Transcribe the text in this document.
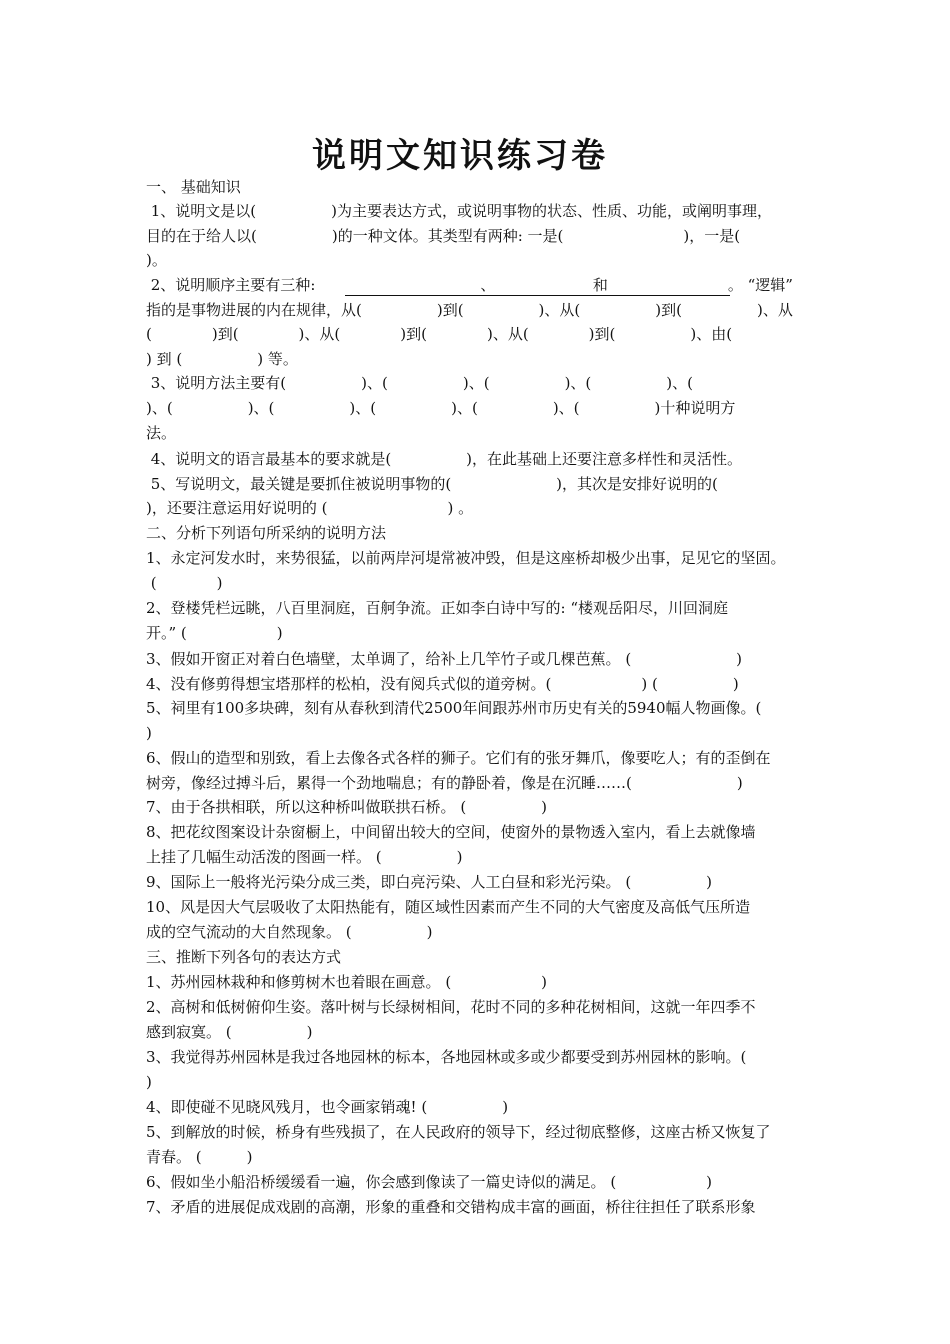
说明文知识练习卷
一、 基础知识
1、说明文是以(　　　　　)为主要表达方式，或说明事物的状态、性质、功能，或阐明事理，
目的在于给人以(　　　　　)的一种文体。其类型有两种: 一是(　　　　　　　　)，一是(
)。
2、说明顺序主要有三种:　　　　　　　　　　　、　　　　　　　和　　　　　　　　。 “逻辑”
指的是事物进展的内在规律，从(　　　　　)到(　　　　　)、从(　　　　　)到(　　　　　)、从
(　　　　)到(　　　　)、从(　　　　)到(　　　　)、从(　　　　)到(　　　　　)、由(
) 到 (　　　　　) 等。
3、说明方法主要有(　　　　　)、(　　　　　)、(　　　　　)、(　　　　　)、(
)、(　　　　　)、(　　　　　)、(　　　　　)、(　　　　　)、(　　　　　)十种说明方
法。
4、说明文的语言最基本的要求就是(　　　　　)，在此基础上还要注意多样性和灵活性。
5、写说明文，最关键是要抓住被说明事物的(　　　　　　　)，其次是安排好说明的(
)，还要注意运用好说明的 (　　　　　　　　) 。
二、分析下列语句所采纳的说明方法
1、永定河发水时，来势很猛，以前两岸河堤常被冲毁，但是这座桥却极少出事，足见它的坚固。
(　　　　)
2、登楼凭栏远眺，八百里洞庭，百舸争流。正如李白诗中写的: “楼观岳阳尽，川回洞庭
开。” (　　　　　　)
3、假如开窗正对着白色墙壁，太单调了，给补上几竿竹子或几棵芭蕉。 (　　　　　　　)
4、没有修剪得想宝塔那样的松柏，没有阅兵式似的道旁树。(　　　　　　) (　　　　　)
5、祠里有100多块碑，刻有从春秋到清代2500年间跟苏州市历史有关的5940幅人物画像。(
)
6、假山的造型和别致，看上去像各式各样的狮子。它们有的张牙舞爪，像要吃人；有的歪倒在
树旁，像经过搏斗后，累得一个劲地喘息；有的静卧着，像是在沉睡……(　　　　　　　)
7、由于各拱相联，所以这种桥叫做联拱石桥。 (　　　　　)
8、把花纹图案设计杂窗橱上，中间留出较大的空间，使窗外的景物透入室内，看上去就像墙
上挂了几幅生动活泼的图画一样。 (　　　　　)
9、国际上一般将光污染分成三类，即白亮污染、人工白昼和彩光污染。 (　　　　　)
10、风是因大气层吸收了太阳热能有，随区域性因素而产生不同的大气密度及高低气压所造
成的空气流动的大自然现象。 (　　　　　)
三、推断下列各句的表达方式
1、苏州园林栽种和修剪树木也着眼在画意。 (　　　　　　)
2、高树和低树俯仰生姿。落叶树与长绿树相间，花时不同的多种花树相间，这就一年四季不
感到寂寞。 (　　　　　)
3、我觉得苏州园林是我过各地园林的标本，各地园林或多或少都要受到苏州园林的影响。(
)
4、即使碰不见晓风残月，也令画家销魂! (　　　　　)
5、到解放的时候，桥身有些残损了，在人民政府的领导下，经过彻底整修，这座古桥又恢复了
青春。 (　　　)
6、假如坐小船沿桥缓缓看一遍，你会感到像读了一篇史诗似的满足。 (　　　　　　)
7、矛盾的进展促成戏剧的高潮，形象的重叠和交错构成丰富的画面，桥往往担任了联系形象
